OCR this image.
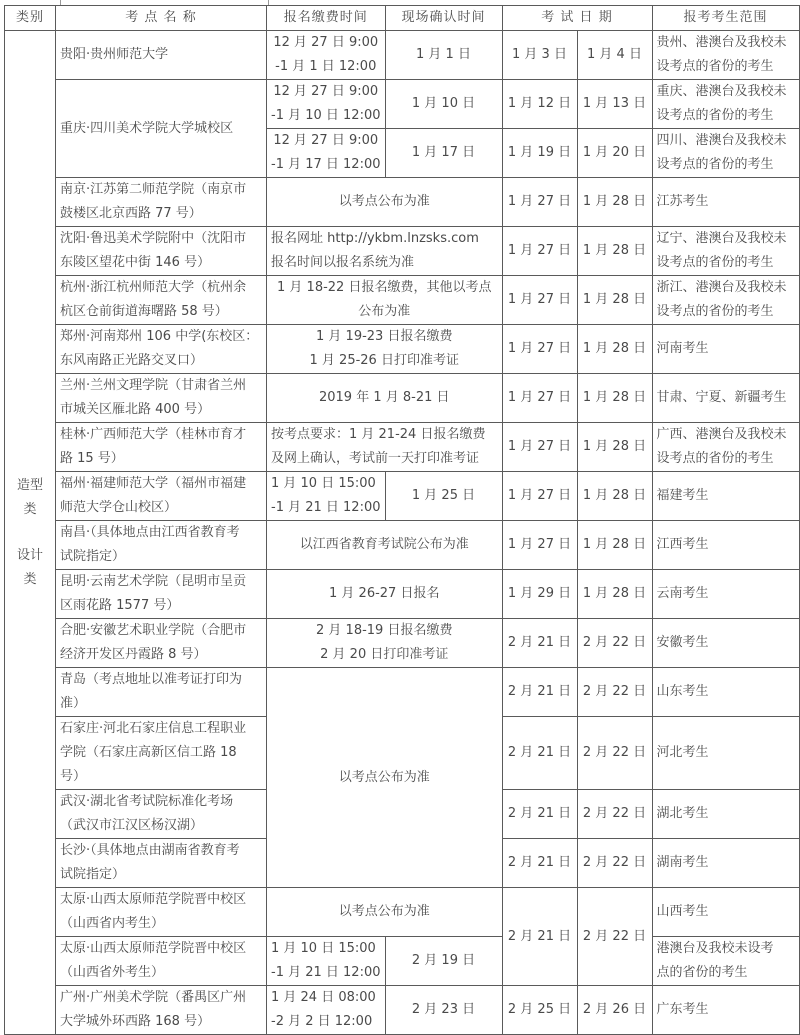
类别	考 点 名 称	报名缴费时间	现场确认时间	考 试 日 期		报考考生范围

造型
类
设计
类	贵阳·贵州师范大学	12 月 27 日 9:00
-1 月 1 日 12:00	1 月 1 日	1 月 3 日	1 月 4 日	贵州、港澳台及我校未
设考点的省份的考生

	重庆·四川美术学院大学城校区	12 月 27 日 9:00
-1 月 10 日 12:00	1 月 10 日	1 月 12 日	1 月 13 日	重庆、港澳台及我校未
设考点的省份的考生

		12 月 27 日 9:00
-1 月 17 日 12:00	1 月 17 日	1 月 19 日	1 月 20 日	四川、港澳台及我校未
设考点的省份的考生

	南京·江苏第二师范学院（南京市
鼓楼区北京西路 77 号）	以考点公布为准		1 月 27 日	1 月 28 日	江苏考生

	沈阳·鲁迅美术学院附中（沈阳市
东陵区望花中街 146 号）	报名网址 http://ykbm.lnzsks.com
报名时间以报名系统为准		1 月 27 日	1 月 28 日	辽宁、港澳台及我校未
设考点的省份的考生

	杭州·浙江杭州师范大学（杭州余
杭区仓前街道海曙路 58 号）	1 月 18-22 日报名缴费，其他以考点
公布为准		1 月 27 日	1 月 28 日	浙江、港澳台及我校未
设考点的省份的考生

	郑州·河南郑州 106 中学(东校区：
东风南路正光路交叉口）	1 月 19-23 日报名缴费
1 月 25-26 日打印准考证		1 月 27 日	1 月 28 日	河南考生

	兰州·兰州文理学院（甘肃省兰州
市城关区雁北路 400 号）	2019 年 1 月 8-21 日		1 月 27 日	1 月 28 日	甘肃、宁夏、新疆考生

	桂林·广西师范大学（桂林市育才
路 15 号）	按考点要求：1 月 21-24 日报名缴费
及网上确认，考试前一天打印准考证		1 月 27 日	1 月 28 日	广西、港澳台及我校未
设考点的省份的考生

	福州·福建师范大学（福州市福建
师范大学仓山校区）	1 月 10 日 15:00
-1 月 21 日 12:00	1 月 25 日	1 月 27 日	1 月 28 日	福建考生

	南昌·（具体地点由江西省教育考
试院指定）	以江西省教育考试院公布为准		1 月 27 日	1 月 28 日	江西考生

	昆明·云南艺术学院（昆明市呈贡
区雨花路 1577 号）	1 月 26-27 日报名		1 月 29 日	1 月 28 日	云南考生

	合肥·安徽艺术职业学院（合肥市
经济开发区丹霞路 8 号）	2 月 18-19 日报名缴费
2 月 20 日打印准考证		2 月 21 日	2 月 22 日	安徽考生

	青岛（考点地址以准考证打印为
准）	以考点公布为准		2 月 21 日	2 月 22 日	山东考生

	石家庄·河北石家庄信息工程职业
学院（石家庄高新区信工路 18
号）			2 月 21 日	2 月 22 日	河北考生

	武汉·湖北省考试院标准化考场
（武汉市江汉区杨汉湖）			2 月 21 日	2 月 22 日	湖北考生

	长沙·（具体地点由湖南省教育考
试院指定）			2 月 21 日	2 月 22 日	湖南考生

	太原·山西太原师范学院晋中校区
（山西省内考生）	以考点公布为准		2 月 21 日	2 月 22 日	山西考生

	太原·山西太原师范学院晋中校区
（山西省外考生）	1 月 10 日 15:00
-1 月 21 日 12:00	2 月 19 日			港澳台及我校未设考
点的省份的考生

	广州·广州美术学院（番禺区广州
大学城外环西路 168 号）	1 月 24 日 08:00
-2 月 2 日 12:00	2 月 23 日	2 月 25 日	2 月 26 日	广东考生
